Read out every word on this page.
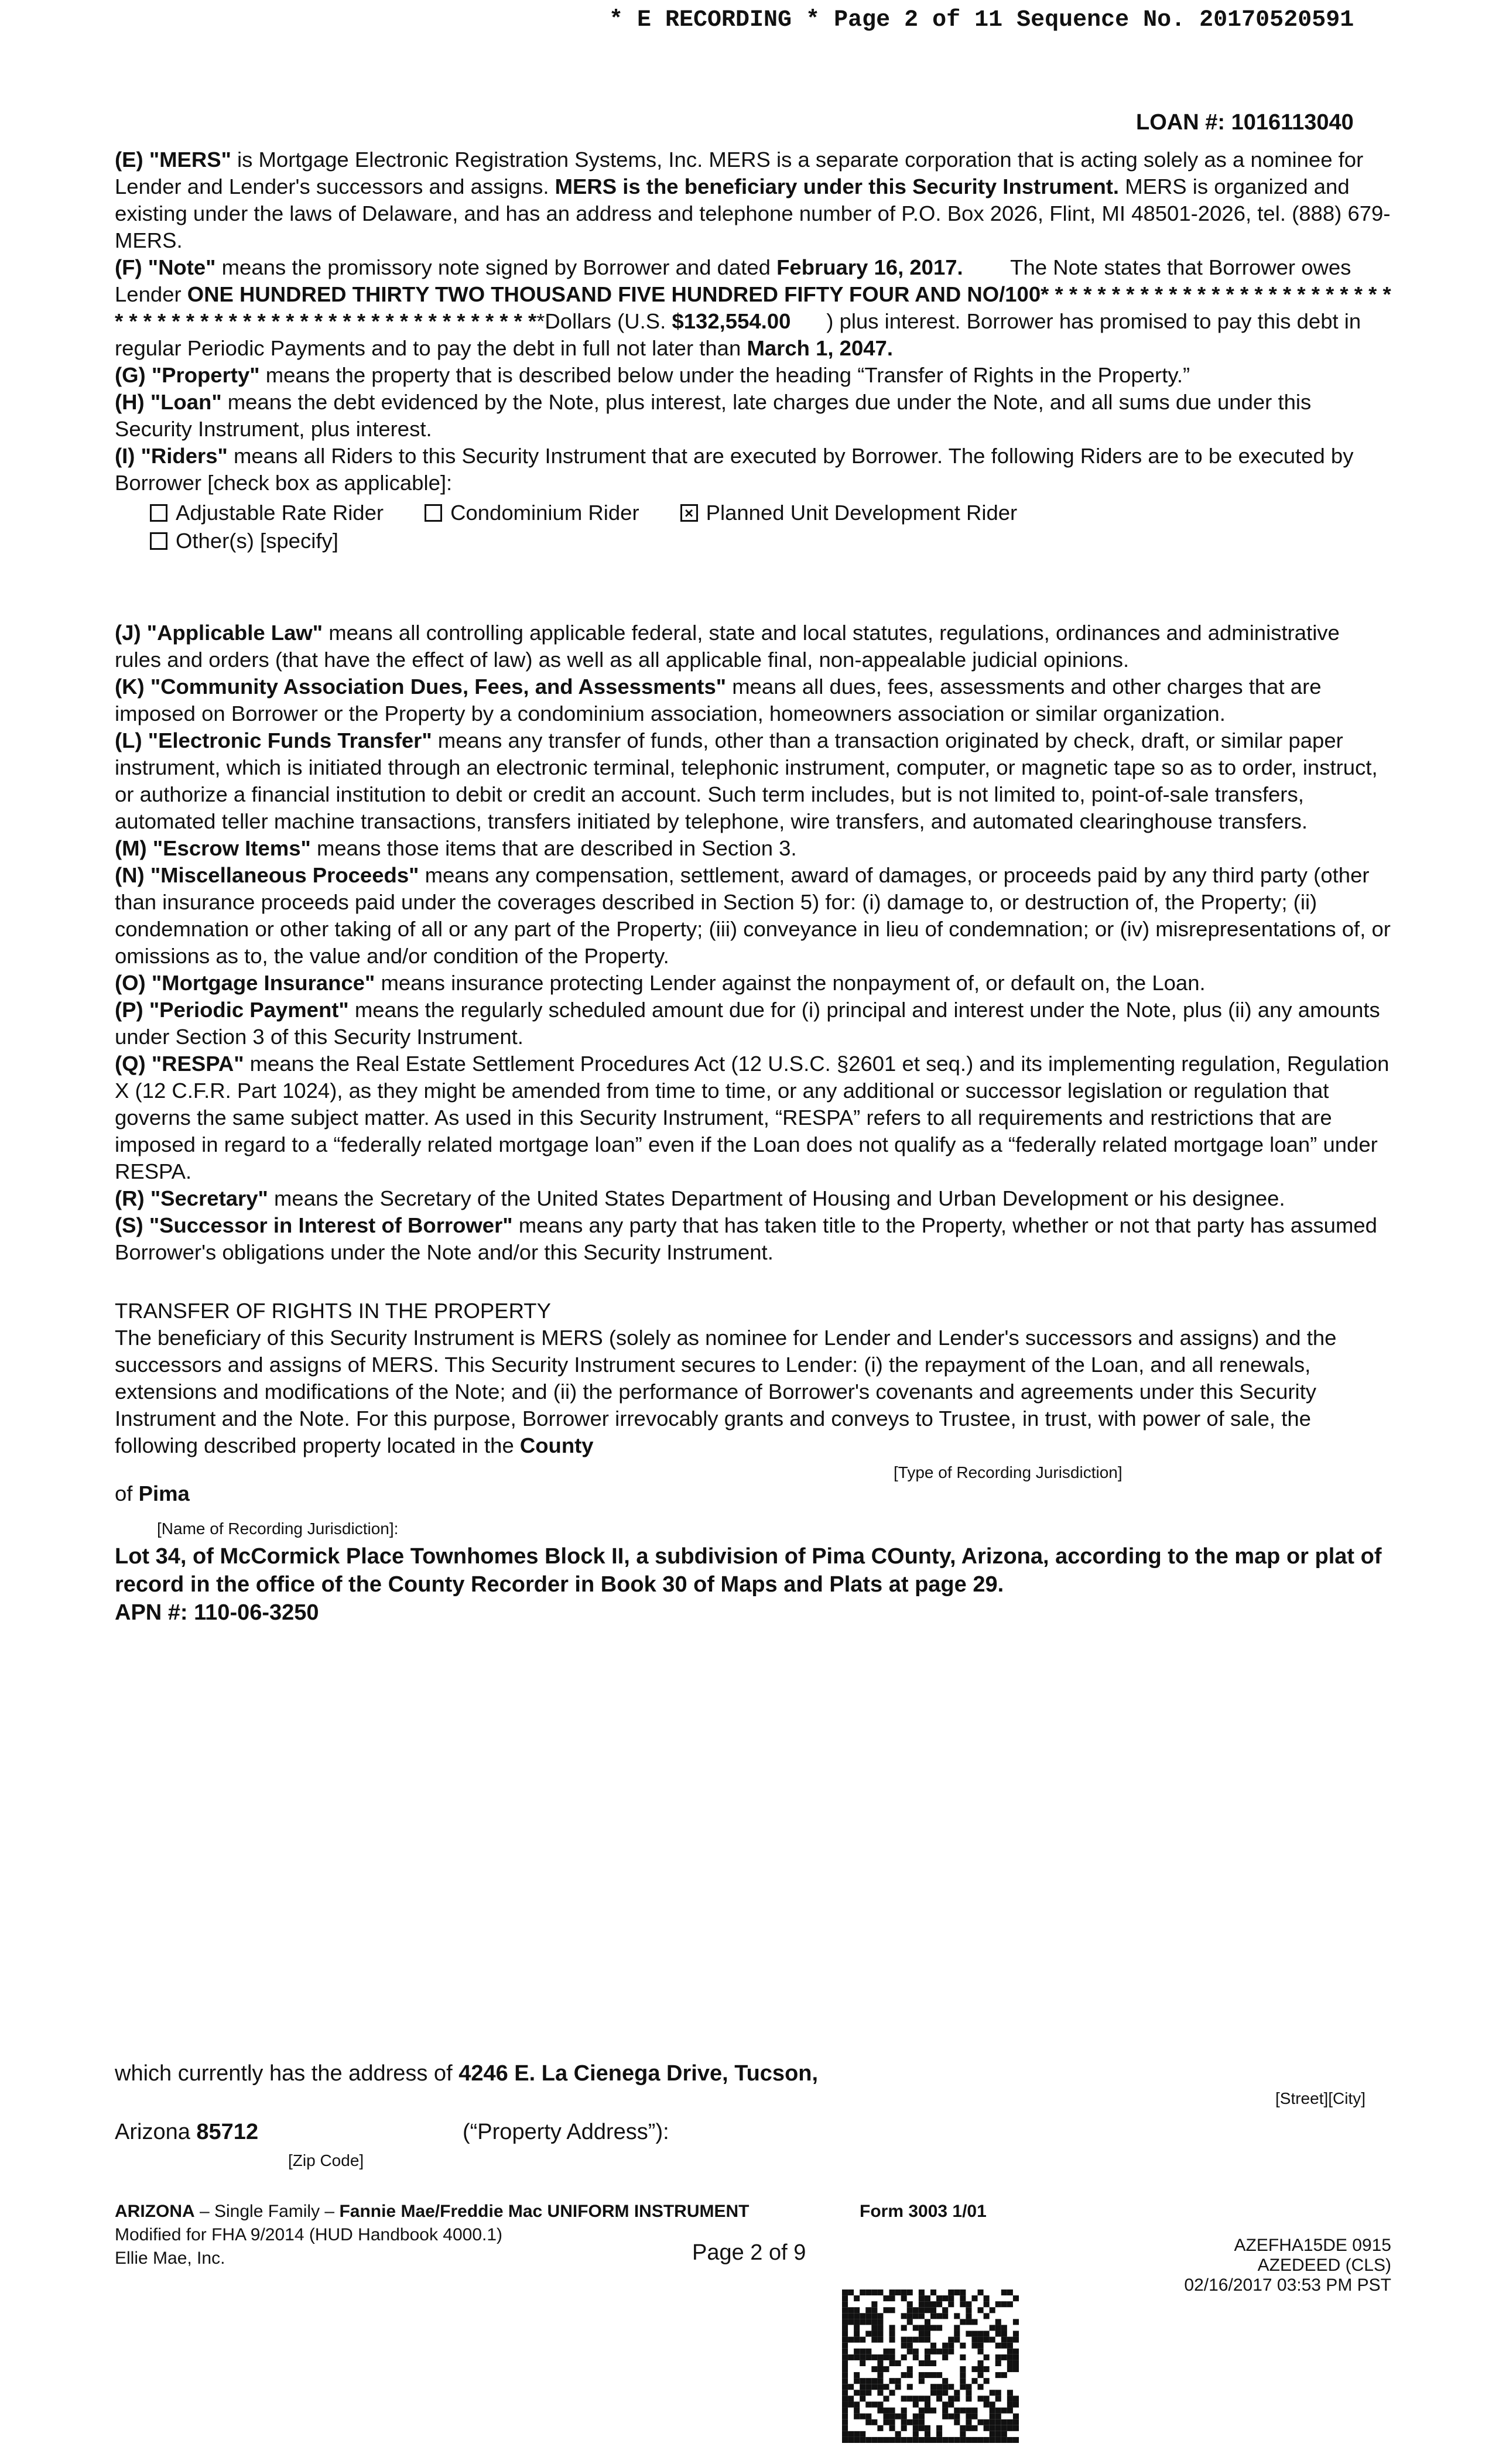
* E RECORDING * Page 2 of 11 Sequence No. 20170520591
LOAN #: 1016113040

(E) "MERS" is Mortgage Electronic Registration Systems, Inc. MERS is a separate corporation that is acting solely as a nominee for Lender and Lender's successors and assigns. MERS is the beneficiary under this Security Instrument. MERS is organized and existing under the laws of Delaware, and has an address and telephone number of P.O. Box 2026, Flint, MI 48501-2026, tel. (888) 679-MERS.

(F) "Note" means the promissory note signed by Borrower and dated February 16, 2017.        The Note states that Borrower owes Lender ONE HUNDRED THIRTY TWO THOUSAND FIVE HUNDRED FIFTY FOUR AND NO/100* * * * * * * * * * * * * * * * * * * * * * * * * * * * * * * * * * * * * * * * * * * * * * * * * * * * * * **Dollars (U.S. $132,554.00      ) plus interest. Borrower has promised to pay this debt in regular Periodic Payments and to pay the debt in full not later than March 1, 2047.

(G) "Property" means the property that is described below under the heading “Transfer of Rights in the Property.”

(H) "Loan" means the debt evidenced by the Note, plus interest, late charges due under the Note, and all sums due under this Security Instrument, plus interest.

(I) "Riders" means all Riders to this Security Instrument that are executed by Borrower. The following Riders are to be executed by Borrower [check box as applicable]:

Adjustable Rate Rider	Condominium Rider	× Planned Unit Development Rider
Other(s) [specify]

(J) "Applicable Law" means all controlling applicable federal, state and local statutes, regulations, ordinances and administrative rules and orders (that have the effect of law) as well as all applicable final, non-appealable judicial opinions.

(K) "Community Association Dues, Fees, and Assessments" means all dues, fees, assessments and other charges that are imposed on Borrower or the Property by a condominium association, homeowners association or similar organization.

(L) "Electronic Funds Transfer" means any transfer of funds, other than a transaction originated by check, draft, or similar paper instrument, which is initiated through an electronic terminal, telephonic instrument, computer, or magnetic tape so as to order, instruct, or authorize a financial institution to debit or credit an account. Such term includes, but is not limited to, point-of-sale transfers, automated teller machine transactions, transfers initiated by telephone, wire transfers, and automated clearinghouse transfers.

(M) "Escrow Items" means those items that are described in Section 3.

(N) "Miscellaneous Proceeds" means any compensation, settlement, award of damages, or proceeds paid by any third party (other than insurance proceeds paid under the coverages described in Section 5) for: (i) damage to, or destruction of, the Property; (ii) condemnation or other taking of all or any part of the Property; (iii) conveyance in lieu of condemnation; or (iv) misrepresentations of, or omissions as to, the value and/or condition of the Property.

(O) "Mortgage Insurance" means insurance protecting Lender against the nonpayment of, or default on, the Loan.

(P) "Periodic Payment" means the regularly scheduled amount due for (i) principal and interest under the Note, plus (ii) any amounts under Section 3 of this Security Instrument.

(Q) "RESPA" means the Real Estate Settlement Procedures Act (12 U.S.C. §2601 et seq.) and its implementing regulation, Regulation X (12 C.F.R. Part 1024), as they might be amended from time to time, or any additional or successor legislation or regulation that governs the same subject matter. As used in this Security Instrument, “RESPA” refers to all requirements and restrictions that are imposed in regard to a “federally related mortgage loan” even if the Loan does not qualify as a “federally related mortgage loan” under RESPA.

(R) "Secretary" means the Secretary of the United States Department of Housing and Urban Development or his designee.

(S) "Successor in Interest of Borrower" means any party that has taken title to the Property, whether or not that party has assumed Borrower's obligations under the Note and/or this Security Instrument.

TRANSFER OF RIGHTS IN THE PROPERTY

The beneficiary of this Security Instrument is MERS (solely as nominee for Lender and Lender's successors and assigns) and the successors and assigns of MERS. This Security Instrument secures to Lender: (i) the repayment of the Loan, and all renewals, extensions and modifications of the Note; and (ii) the performance of Borrower's covenants and agreements under this Security Instrument and the Note. For this purpose, Borrower irrevocably grants and conveys to Trustee, in trust, with power of sale, the following described property located in the County

[Type of Recording Jurisdiction]
of Pima
[Name of Recording Jurisdiction]:

Lot 34, of McCormick Place Townhomes Block II, a subdivision of Pima COunty, Arizona, according to the map or plat of record in the office of the County Recorder in Book 30 of Maps and Plats at page 29.

APN #: 110-06-3250

which currently has the address of 4246 E. La Cienega Drive, Tucson,
[Street][City]
Arizona 85712	(“Property Address”):
[Zip Code]
ARIZONA – Single Family – Fannie Mae/Freddie Mac UNIFORM INSTRUMENT	Form 3003 1/01
Modified for FHA 9/2014 (HUD Handbook 4000.1)
Ellie Mae, Inc.	Page 2 of 9	AZEFHA15DE 0915
AZEDEED (CLS)
02/16/2017 03:53 PM PST
